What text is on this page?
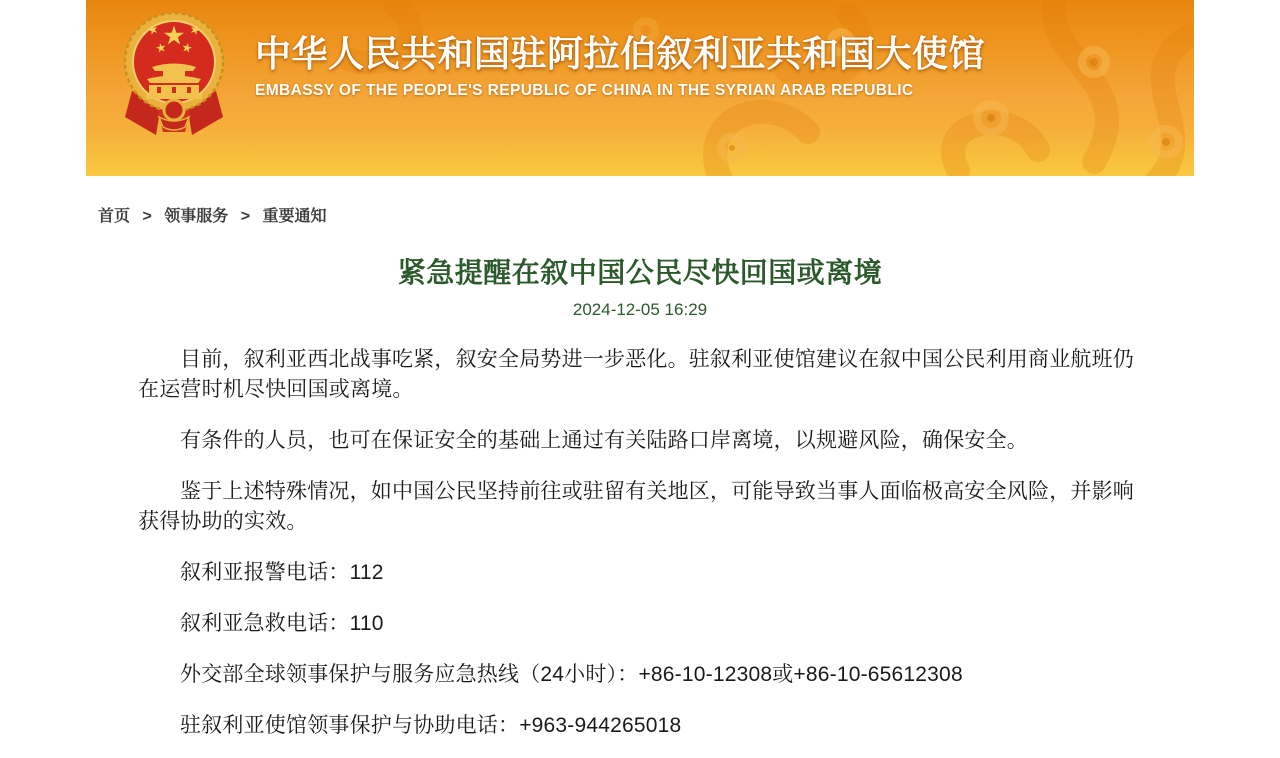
中华人民共和国驻阿拉伯叙利亚共和国大使馆
EMBASSY OF THE PEOPLE'S REPUBLIC OF CHINA IN THE SYRIAN ARAB REPUBLIC
首页 > 领事服务 > 重要通知
紧急提醒在叙中国公民尽快回国或离境
2024-12-05 16:29

目前，叙利亚西北战事吃紧，叙安全局势进一步恶化。驻叙利亚使馆建议在叙中国公民利用商业航班仍在运营时机尽快回国或离境。

有条件的人员，也可在保证安全的基础上通过有关陆路口岸离境，以规避风险，确保安全。

鉴于上述特殊情况，如中国公民坚持前往或驻留有关地区，可能导致当事人面临极高安全风险，并影响获得协助的实效。

叙利亚报警电话：112

叙利亚急救电话：110

外交部全球领事保护与服务应急热线（24小时）：+86-10-12308或+86-10-65612308

驻叙利亚使馆领事保护与协助电话：+963-944265018
